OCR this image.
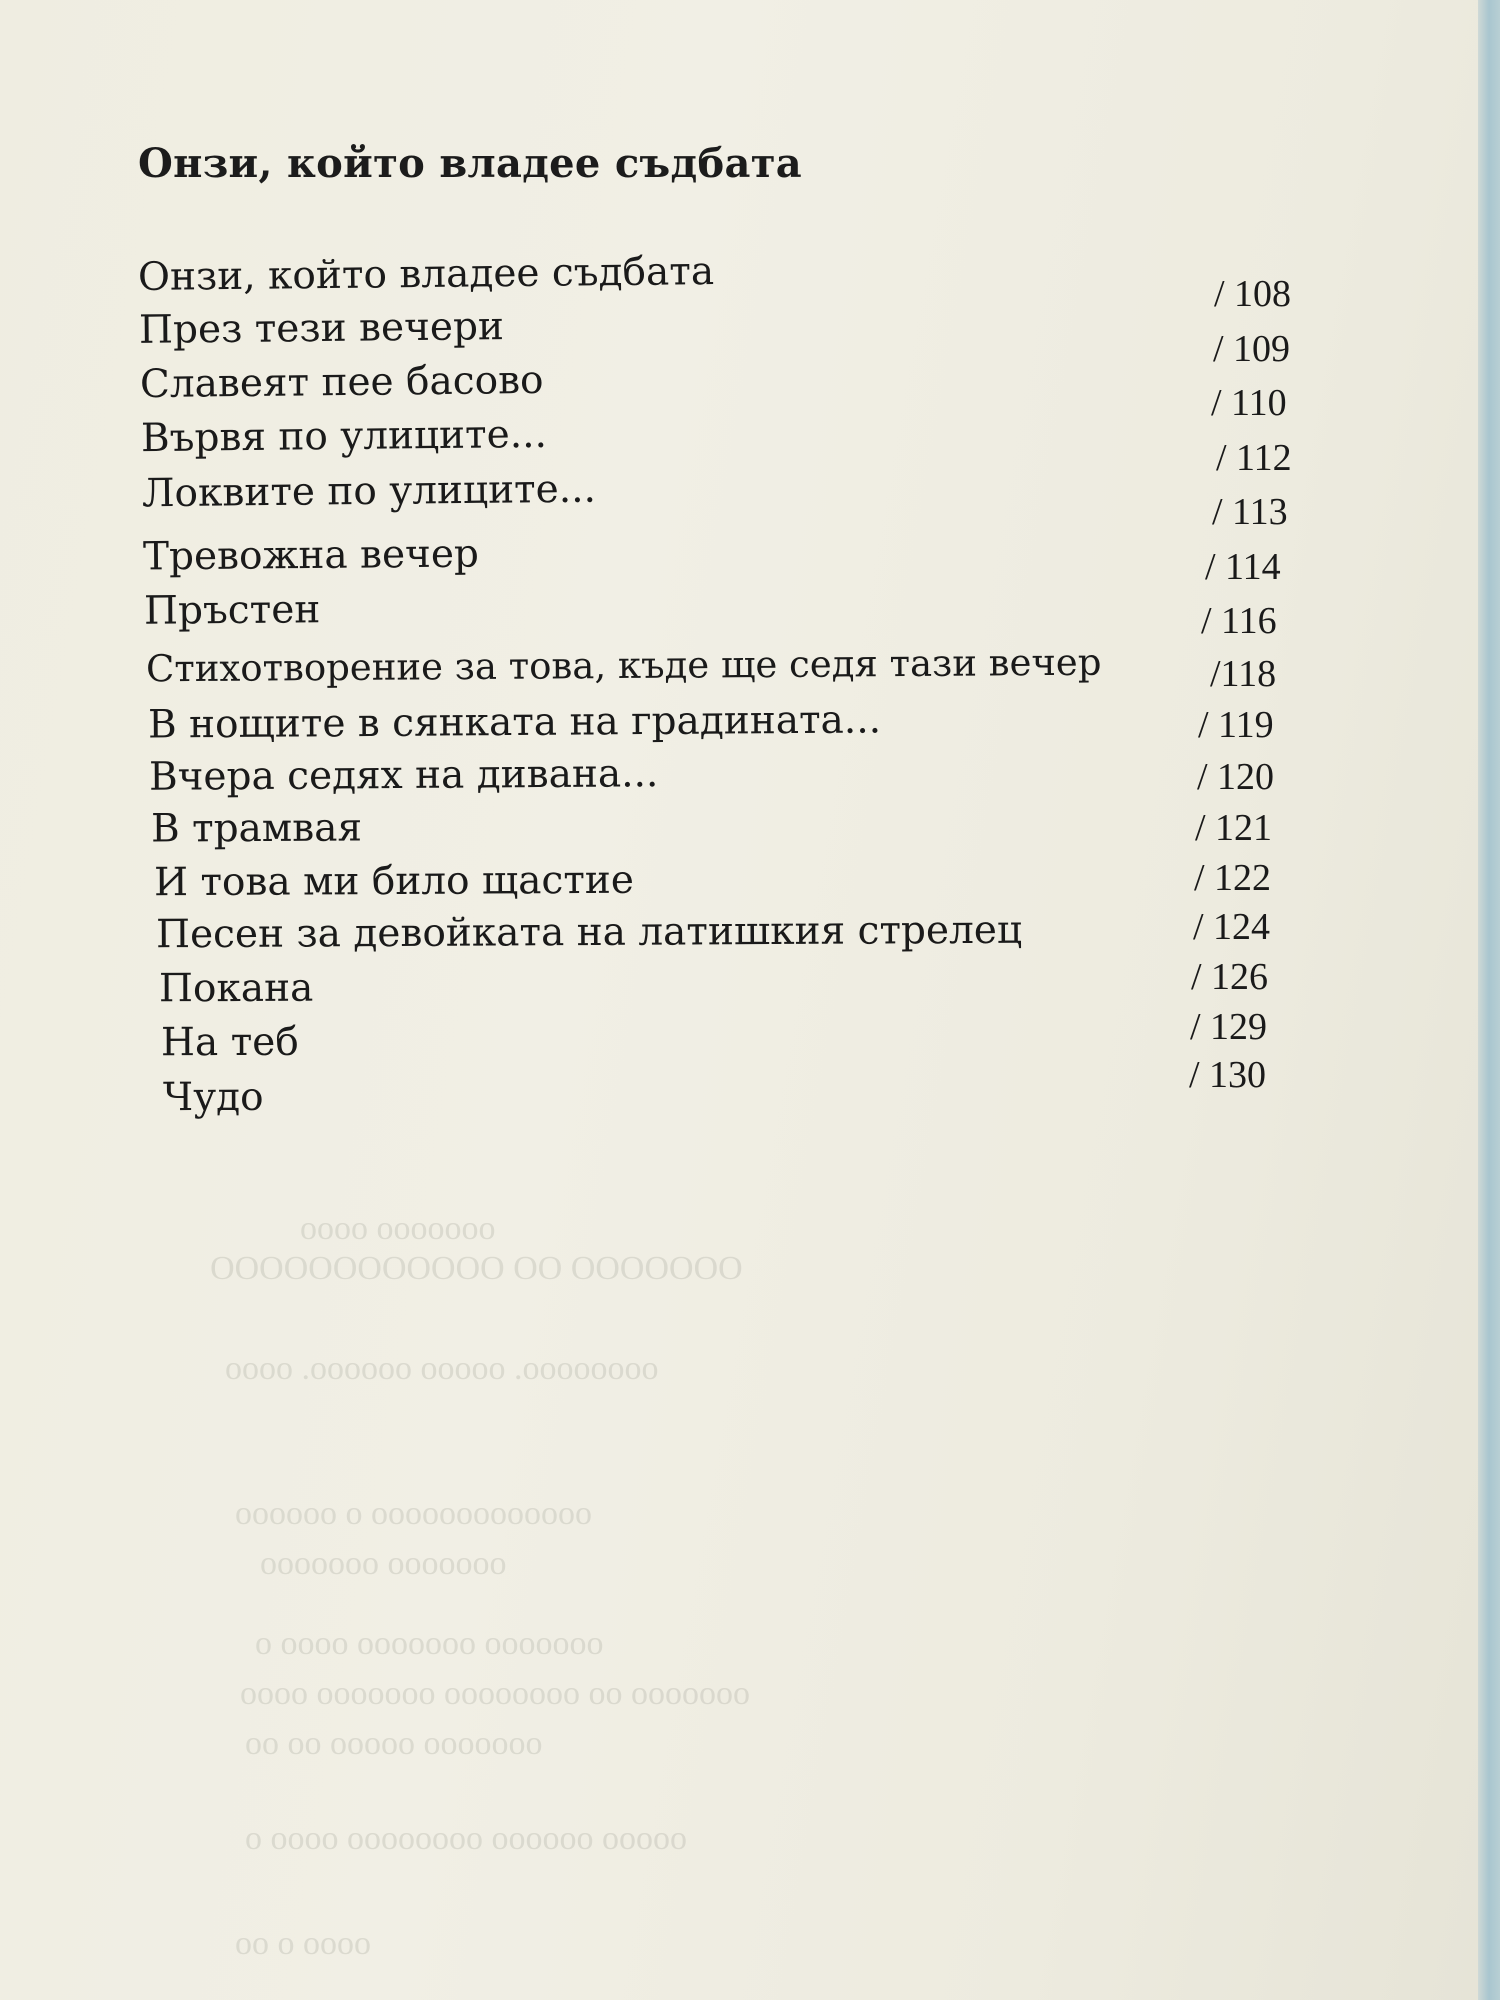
Онзи, който владее съдбата
Онзи, който владее съдбата	/ 108
През тези вечери	/ 109
Славеят пее басово	/ 110
Вървя по улиците...	/ 112
Локвите по улиците...	/ 113
Тревожна вечер	/ 114
Пръстен	/ 116
Стихотворение за това, къде ще седя тази вечер	/118
В нощите в сянката на градината...	/ 119
Вчера седях на дивана...	/ 120
В трамвая	/ 121
И това ми било щастие	/ 122
Песен за девойката на латишкия стрелец	/ 124
Покана	/ 126
На теб	/ 129
Чудо	/ 130
ооооооо оооо
ООООООО ОО ОООООООООООО
оооооооо. ооооо оооооо. оооо
ооооооооооооо о оооооо
ооооооо ооооооо
ооооооо ооооооо оооо о
ооооооо оо оооооооо ооооооо оооо
ооооооо ооооо оо оо
ооооо оооооо оооооооо оооо о
оооо о оо
